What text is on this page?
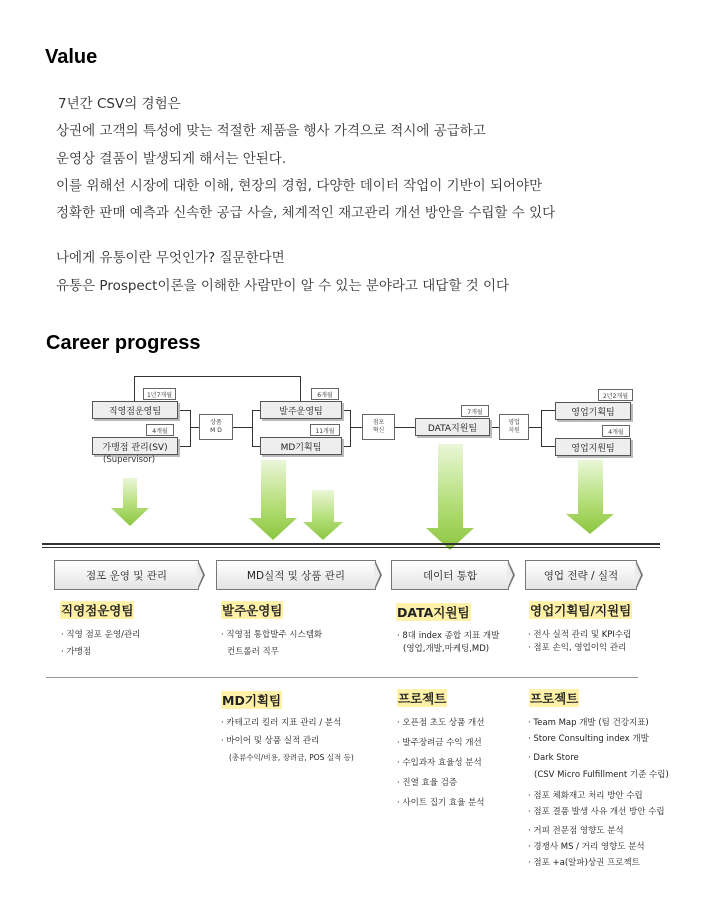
Value
7년간 CSV의 경험은
상권에 고객의 특성에 맞는 적절한 제품을 행사 가격으로 적시에 공급하고
운영상 결품이 발생되게 해서는 안된다.
이를 위해선 시장에 대한 이해, 현장의 경험, 다양한 데이터 작업이 기반이 되어야만
정확한 판매 예측과 신속한 공급 사슬, 체계적인 재고관리 개선 방안을 수립할 수 있다
나에게 유통이란 무엇인가? 질문한다면
유통은 Prospect이론을 이해한 사람만이 알 수 있는 분야라고 대답할 것 이다
Career progress
직영점운영팀
가맹점 관리(SV)
(Supervisor)
발주운영팀
MD기획팀
DATA지원팀
영업기획팀
영업지원팀
1년7개월
4개월
6개월
11개월
7개월
2년2개월
4개월
상품
M D
점포
혁신
영업
지원
점포 운영 및 관리	MD실적 및 상품 관리	데이터 통합	영업 전략 / 실적
직영점운영팀
· 직영 점포 운영/관리
· 가맹점
발주운영팀
· 직영점 통합발주 시스템화
컨트롤러 직무
DATA지원팀
· 8대 index 종합 지표 개발
(영업,개발,마케팅,MD)
영업기획팀/지원팀
· 전사 실적 관리 및 KPI수립
· 점포 손익, 영업이익 관리
MD기획팀
· 카테고리 킬러 지표 관리 / 분석
· 바이어 및 상품 실적 관리
(총류수익/비용, 장려금, POS 실적 등)
프로젝트
· 오픈점 초도 상품 개선
· 발주장려금 수익 개선
· 수입과자 효율성 분석
· 진열 효율 검증
· 사이트 집기 효율 분석
프로젝트
· Team Map 개발 (팀 건강지표)
· Store Consulting index 개발
· Dark Store
(CSV Micro Fulfillment 기준 수립)
· 점포 체화재고 처리 방안 수립
· 점포 결품 발생 사유 개선 방안 수립
· 거피 전문점 영향도 분석
· 경쟁사 MS / 거리 영향도 분석
· 점포 +a(알파)상권 프로젝트
